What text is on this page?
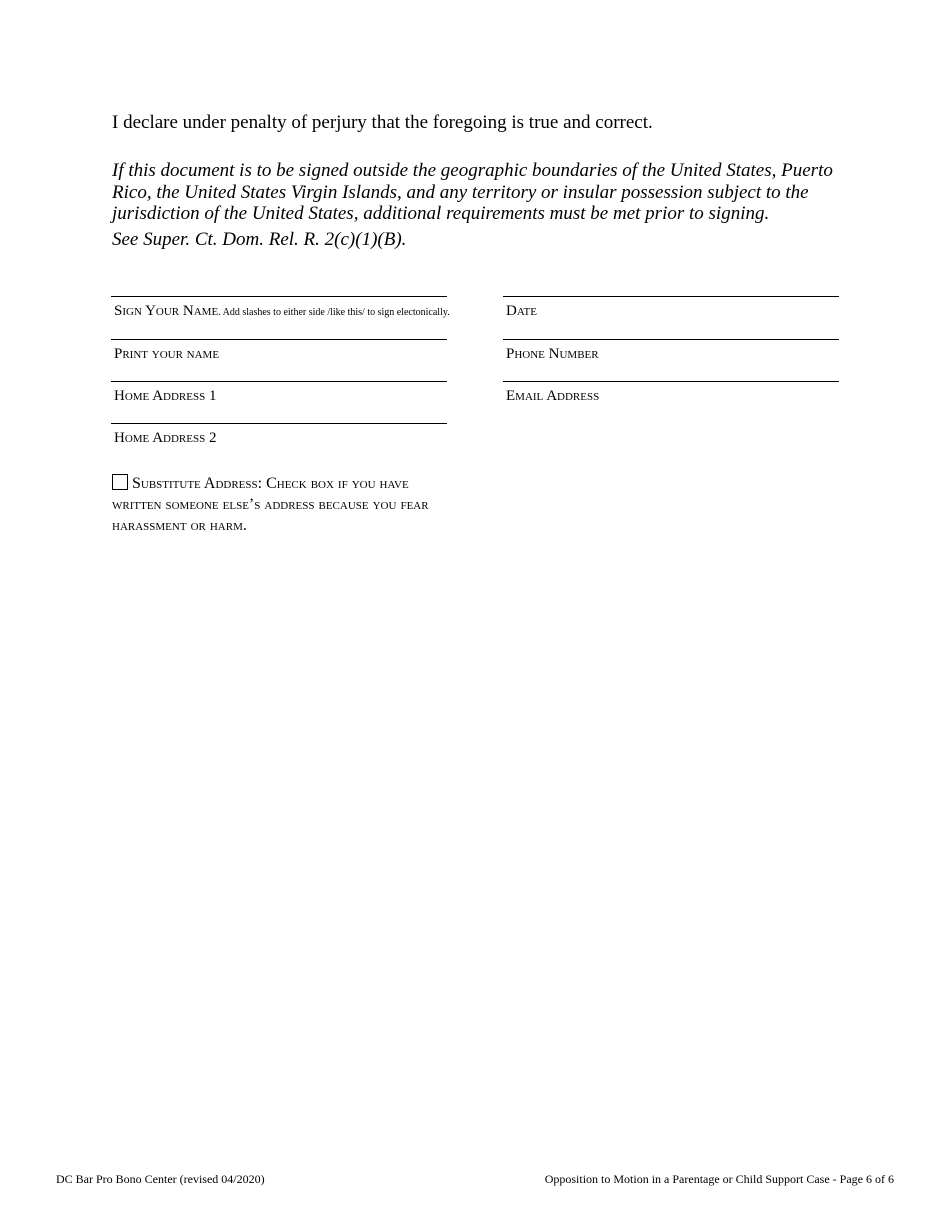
I declare under penalty of perjury that the foregoing is true and correct.
If this document is to be signed outside the geographic boundaries of the United States, Puerto Rico, the United States Virgin Islands, and any territory or insular possession subject to the jurisdiction of the United States, additional requirements must be met prior to signing.
See Super. Ct. Dom. Rel. R. 2(c)(1)(B).
Sign Your Name. Add slashes to either side /like this/ to sign electonically.	Date
Print your name	Phone Number
Home Address 1	Email Address
Home Address 2
Substitute Address: Check box if you have written someone else’s address because you fear harassment or harm.
DC Bar Pro Bono Center (revised 04/2020)	Opposition to Motion in a Parentage or Child Support Case - Page 6 of 6
